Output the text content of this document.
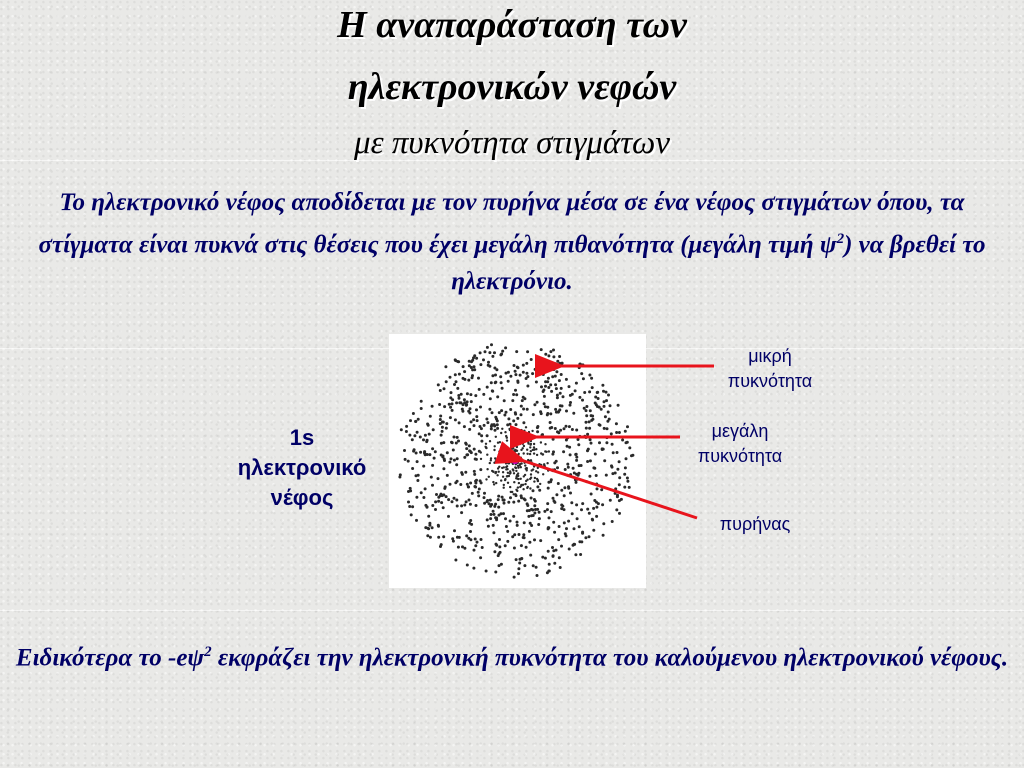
Η αναπαράσταση των
ηλεκτρονικών νεφών
με πυκνότητα στιγμάτων
Το ηλεκτρονικό νέφος αποδίδεται με τον πυρήνα μέσα σε ένα νέφος στιγμάτων όπου, τα στίγματα είναι πυκνά στις θέσεις που έχει μεγάλη πιθανότητα (μεγάλη τιμή $\psi^2$) να βρεθεί το ηλεκτρόνιο.
1s
ηλεκτρονικό
νέφος
μικρή
πυκνότητα
μεγάλη
πυκνότητα
πυρήνας
Ειδικότερα το $-e\psi^2$ εκφράζει την ηλεκτρονική πυκνότητα του καλούμενου ηλεκτρονικού νέφους.
